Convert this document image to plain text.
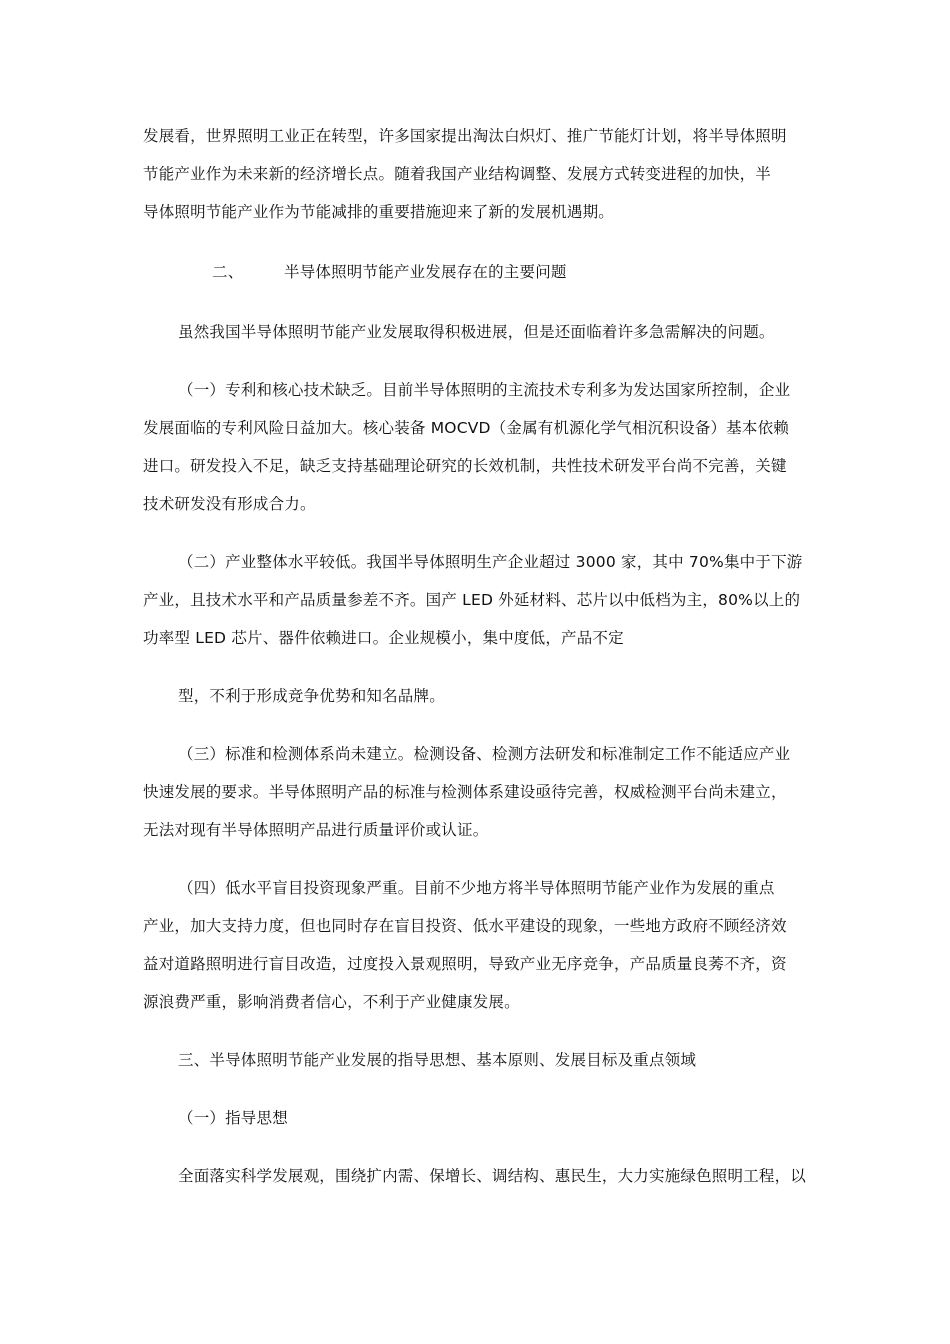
发展看，世界照明工业正在转型，许多国家提出淘汰白炽灯、推广节能灯计划，将半导体照明
节能产业作为未来新的经济增长点。随着我国产业结构调整、发展方式转变进程的加快，半
导体照明节能产业作为节能减排的重要措施迎来了新的发展机遇期。
二、	半导体照明节能产业发展存在的主要问题
虽然我国半导体照明节能产业发展取得积极进展，但是还面临着许多急需解决的问题。
（一）专利和核心技术缺乏。目前半导体照明的主流技术专利多为发达国家所控制，企业
发展面临的专利风险日益加大。核心装备 MOCVD（金属有机源化学气相沉积设备）基本依赖
进口。研发投入不足，缺乏支持基础理论研究的长效机制，共性技术研发平台尚不完善，关键
技术研发没有形成合力。
（二）产业整体水平较低。我国半导体照明生产企业超过 3000 家，其中 70%集中于下游
产业，且技术水平和产品质量参差不齐。国产 LED 外延材料、芯片以中低档为主，80%以上的
功率型 LED 芯片、器件依赖进口。企业规模小，集中度低，产品不定
型，不利于形成竞争优势和知名品牌。
（三）标准和检测体系尚未建立。检测设备、检测方法研发和标准制定工作不能适应产业
快速发展的要求。半导体照明产品的标准与检测体系建设亟待完善，权威检测平台尚未建立，
无法对现有半导体照明产品进行质量评价或认证。
（四）低水平盲目投资现象严重。目前不少地方将半导体照明节能产业作为发展的重点
产业，加大支持力度，但也同时存在盲目投资、低水平建设的现象，一些地方政府不顾经济效
益对道路照明进行盲目改造，过度投入景观照明，导致产业无序竞争，产品质量良莠不齐，资
源浪费严重，影响消费者信心，不利于产业健康发展。
三、半导体照明节能产业发展的指导思想、基本原则、发展目标及重点领域
（一）指导思想
全面落实科学发展观，围绕扩内需、保增长、调结构、惠民生，大力实施绿色照明工程，以
